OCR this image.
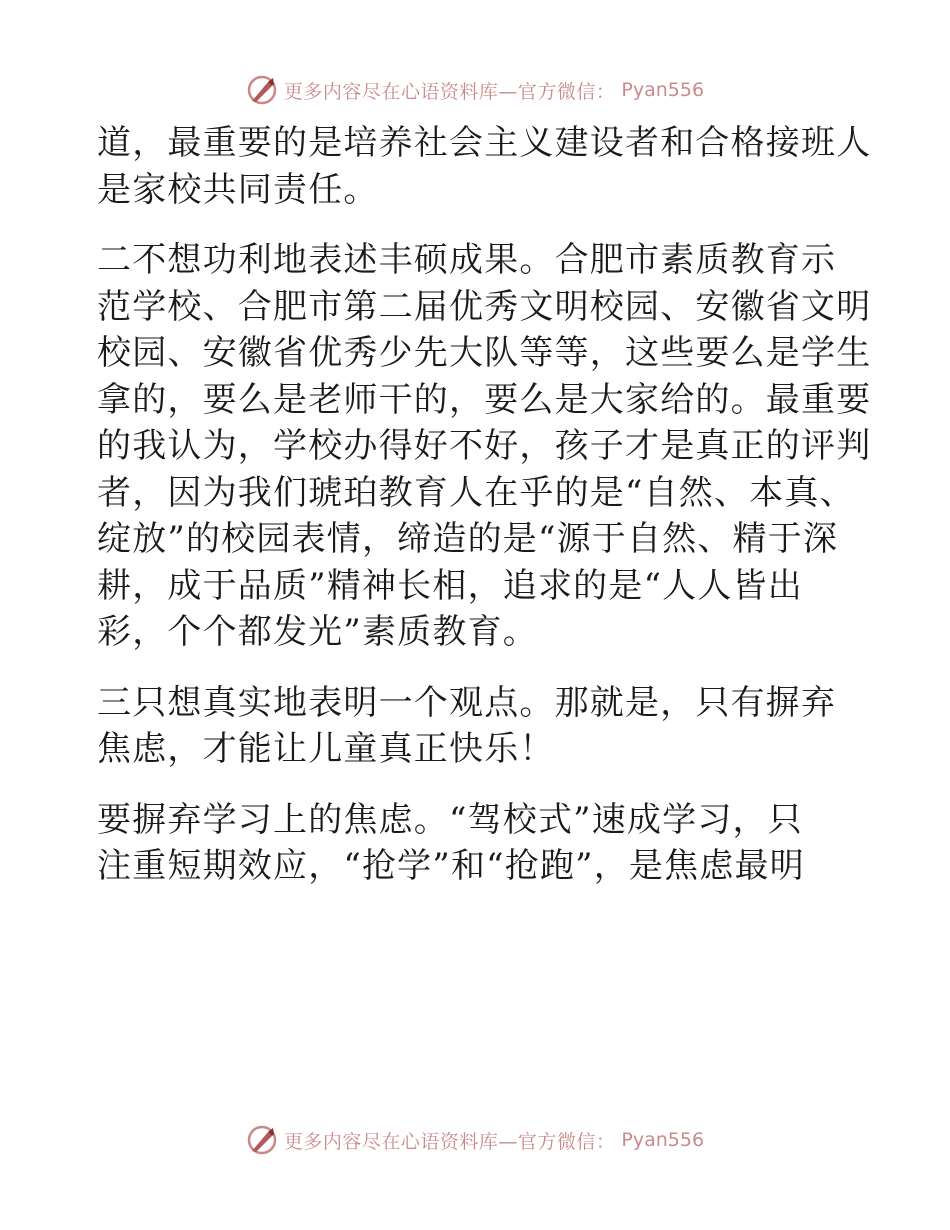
更多内容尽在心语资料库—官方微信： Pyan556

道，最重要的是培养社会主义建设者和合格接班人
是家校共同责任。

二不想功利地表述丰硕成果。合肥市素质教育示
范学校、合肥市第二届优秀文明校园、安徽省文明
校园、安徽省优秀少先大队等等，这些要么是学生
拿的，要么是老师干的，要么是大家给的。最重要
的我认为，学校办得好不好，孩子才是真正的评判
者，因为我们琥珀教育人在乎的是“自然、本真、
绽放”的校园表情，缔造的是“源于自然、精于深
耕，成于品质”精神长相，追求的是“人人皆出
彩，个个都发光”素质教育。

三只想真实地表明一个观点。那就是，只有摒弃
焦虑，才能让儿童真正快乐！

要摒弃学习上的焦虑。“驾校式”速成学习，只
注重短期效应，“抢学”和“抢跑”，是焦虑最明

更多内容尽在心语资料库—官方微信： Pyan556
